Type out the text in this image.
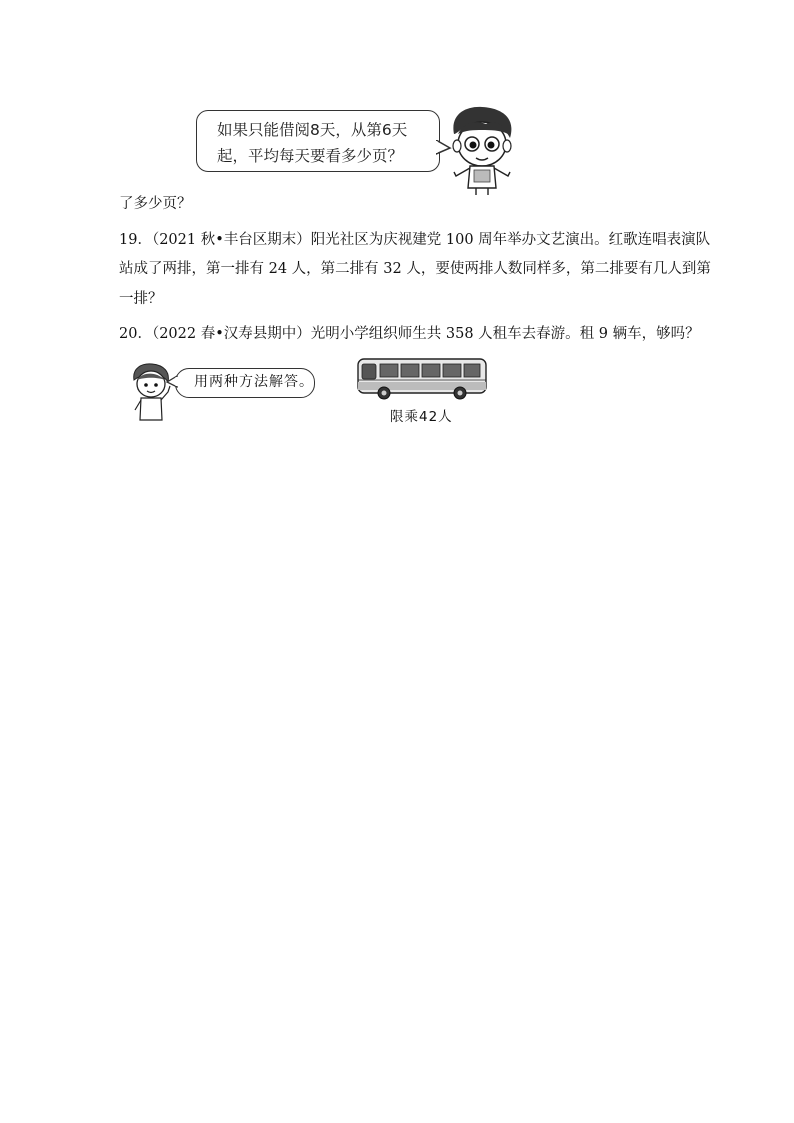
如果只能借阅8天，从第6天
起，平均每天要看多少页？
了多少页？
19．（2021 秋•丰台区期末）阳光社区为庆视建党 100 周年举办文艺演出。红歌连唱表演队
站成了两排，第一排有 24 人，第二排有 32 人，要使两排人数同样多，第二排要有几人到第
一排？
20．（2022 春•汉寿县期中）光明小学组织师生共 358 人租车去春游。租 9 辆车，够吗？
用两种方法解答。
限乘42人
